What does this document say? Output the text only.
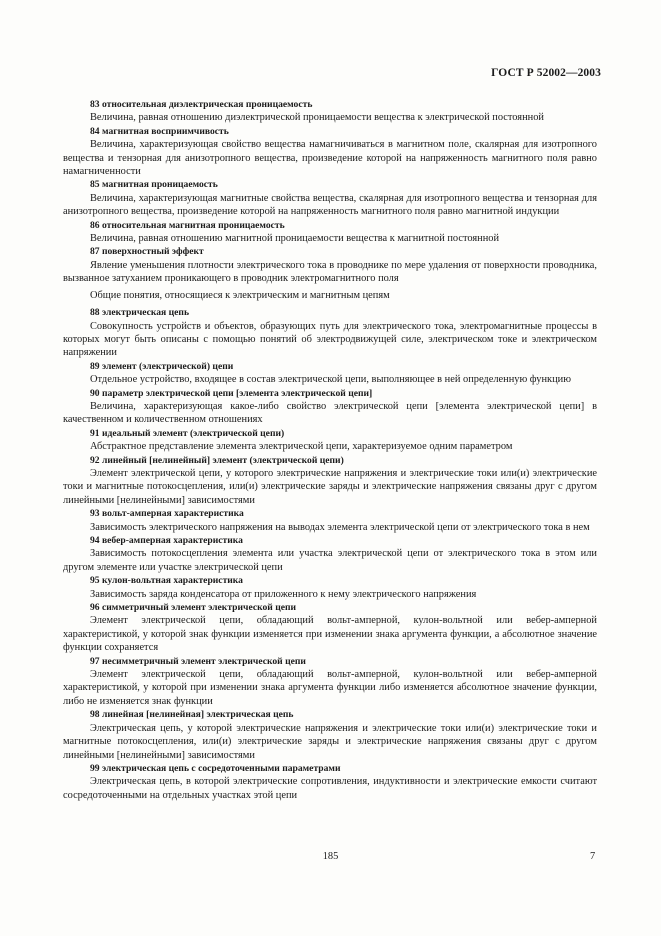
ГОСТ Р 52002—2003

83 относительная диэлектрическая проницаемость

Величина, равная отношению диэлектрической проницаемости вещества к электрической постоянной

84 магнитная восприимчивость

Величина, характеризующая свойство вещества намагничиваться в магнитном поле, скалярная для изотропного вещества и тензорная для анизотропного вещества, произведение которой на напряженность магнитного поля равно намагниченности

85 магнитная проницаемость

Величина, характеризующая магнитные свойства вещества, скалярная для изотропного вещества и тензорная для анизотропного вещества, произведение которой на напряженность магнитного поля равно магнитной индукции

86 относительная магнитная проницаемость

Величина, равная отношению магнитной проницаемости вещества к магнитной постоянной

87 поверхностный эффект

Явление уменьшения плотности электрического тока в проводнике по мере удаления от поверхности проводника, вызванное затуханием проникающего в проводник электромагнитного поля

Общие понятия, относящиеся к электрическим и магнитным цепям

88 электрическая цепь

Совокупность устройств и объектов, образующих путь для электрического тока, электромагнитные процессы в которых могут быть описаны с помощью понятий об электродвижущей силе, электрическом токе и электрическом напряжении

89 элемент (электрической) цепи

Отдельное устройство, входящее в состав электрической цепи, выполняющее в ней определенную функцию

90 параметр электрической цепи [элемента электрической цепи]

Величина, характеризующая какое-либо свойство электрической цепи [элемента электрической цепи] в качественном и количественном отношениях

91 идеальный элемент (электрической цепи)

Абстрактное представление элемента электрической цепи, характеризуемое одним параметром

92 линейный [нелинейный] элемент (электрической цепи)

Элемент электрической цепи, у которого электрические напряжения и электрические токи или(и) электрические токи и магнитные потокосцепления, или(и) электрические заряды и электрические напряжения связаны друг с другом линейными [нелинейными] зависимостями

93 вольт-амперная характеристика

Зависимость электрического напряжения на выводах элемента электрической цепи от электрического тока в нем

94 вебер-амперная характеристика

Зависимость потокосцепления элемента или участка электрической цепи от электрического тока в этом или другом элементе или участке электрической цепи

95 кулон-вольтная характеристика

Зависимость заряда конденсатора от приложенного к нему электрического напряжения

96 симметричный элемент электрической цепи

Элемент электрической цепи, обладающий вольт-амперной, кулон-вольтной или вебер-амперной характеристикой, у которой знак функции изменяется при изменении знака аргумента функции, а абсолютное значение функции сохраняется

97 несимметричный элемент электрической цепи

Элемент электрической цепи, обладающий вольт-амперной, кулон-вольтной или вебер-амперной характеристикой, у которой при изменении знака аргумента функции либо изменяется абсолютное значение функции, либо не изменяется знак функции

98 линейная [нелинейная] электрическая цепь

Электрическая цепь, у которой электрические напряжения и электрические токи или(и) электрические токи и магнитные потокосцепления, или(и) электрические заряды и электрические напряжения связаны друг с другом линейными [нелинейными] зависимостями

99 электрическая цепь с сосредоточенными параметрами

Электрическая цепь, в которой электрические сопротивления, индуктивности и электрические емкости считают сосредоточенными на отдельных участках этой цепи

185	7
